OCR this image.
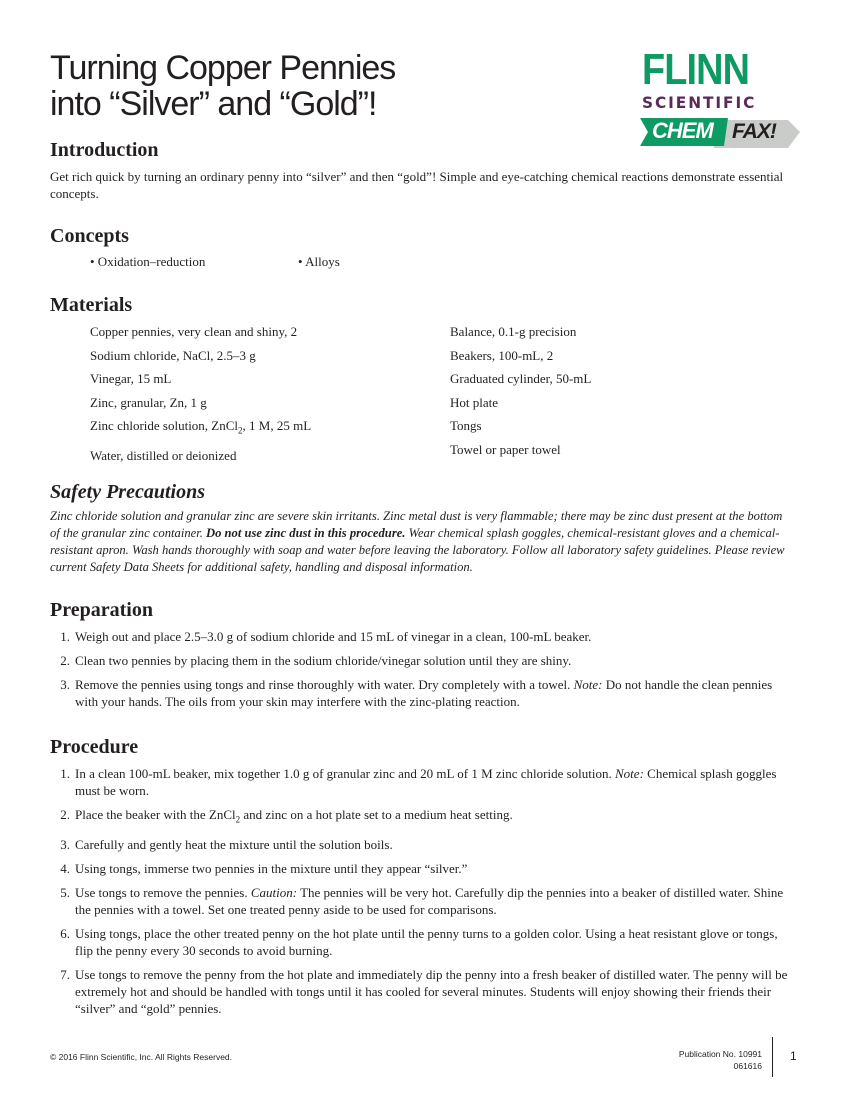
Turning Copper Pennies
into “Silver” and “Gold”!
FLINN
SCIENTIFIC
CHEM FAX!
Introduction

Get rich quick by turning an ordinary penny into “silver” and then “gold”! Simple and eye-catching chemical reactions demonstrate essential concepts.

Concepts
• Oxidation–reduction	• Alloys
Materials
Copper pennies, very clean and shiny, 2
Sodium chloride, NaCl, 2.5–3 g
Vinegar, 15 mL
Zinc, granular, Zn, 1 g
Zinc chloride solution, ZnCl$_2$, 1 M, 25 mL
Water, distilled or deionized
Balance, 0.1-g precision
Beakers, 100-mL, 2
Graduated cylinder, 50-mL
Hot plate
Tongs
Towel or paper towel
Safety Precautions

Zinc chloride solution and granular zinc are severe skin irritants. Zinc metal dust is very flammable; there may be zinc dust present at the bottom of the granular zinc container. Do not use zinc dust in this procedure. Wear chemical splash goggles, chemical-resistant gloves and a chemical-resistant apron. Wash hands thoroughly with soap and water before leaving the laboratory. Follow all laboratory safety guidelines. Please review current Safety Data Sheets for additional safety, handling and disposal information.

Preparation
1. Weigh out and place 2.5–3.0 g of sodium chloride and 15 mL of vinegar in a clean, 100-mL beaker.
2. Clean two pennies by placing them in the sodium chloride/vinegar solution until they are shiny.
3. Remove the pennies using tongs and rinse thoroughly with water. Dry completely with a towel. Note: Do not handle the clean pennies with your hands. The oils from your skin may interfere with the zinc-plating reaction.
Procedure
1. In a clean 100-mL beaker, mix together 1.0 g of granular zinc and 20 mL of 1 M zinc chloride solution. Note: Chemical splash goggles must be worn.
2. Place the beaker with the ZnCl$_2$ and zinc on a hot plate set to a medium heat setting.
3. Carefully and gently heat the mixture until the solution boils.
4. Using tongs, immerse two pennies in the mixture until they appear “silver.”
5. Use tongs to remove the pennies. Caution: The pennies will be very hot. Carefully dip the pennies into a beaker of distilled water. Shine the pennies with a towel. Set one treated penny aside to be used for comparisons.
6. Using tongs, place the other treated penny on the hot plate until the penny turns to a golden color. Using a heat resistant glove or tongs, flip the penny every 30 seconds to avoid burning.
7. Use tongs to remove the penny from the hot plate and immediately dip the penny into a fresh beaker of distilled water. The penny will be extremely hot and should be handled with tongs until it has cooled for several minutes. Students will enjoy showing their friends their “silver” and “gold” pennies.
© 2016 Flinn Scientific, Inc. All Rights Reserved.	Publication No. 10991
061616
1
